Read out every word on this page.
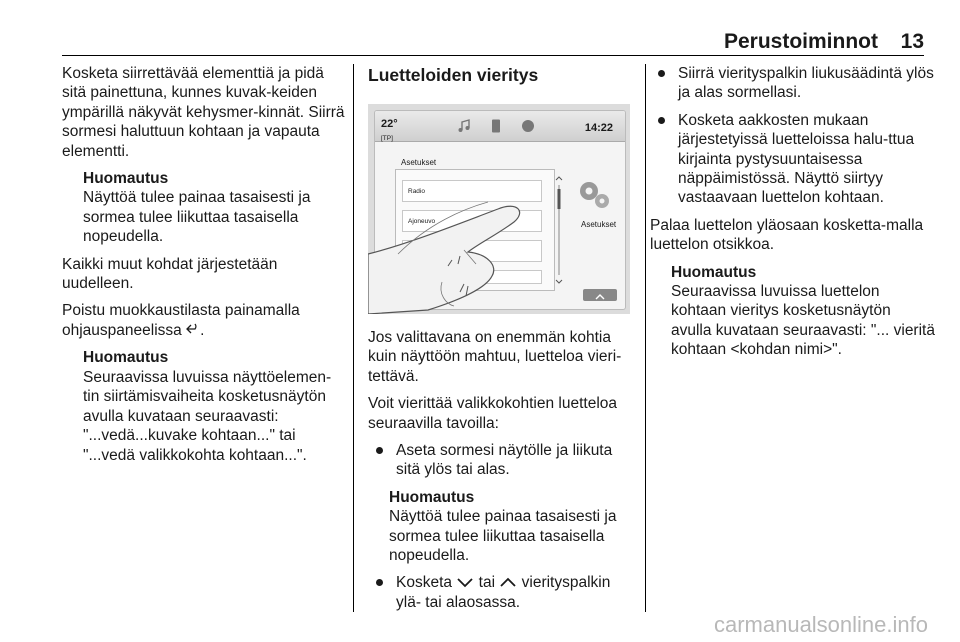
Perustoiminnot 13

Kosketa siirrettävää elementtiä ja pidä sitä painettuna, kunnes kuvak-keiden ympärillä näkyvät kehysmer-kinnät. Siirrä sormesi haluttuun kohtaan ja vapauta elementti.

Huomautus
Näyttöä tulee painaa tasaisesti ja sormea tulee liikuttaa tasaisella nopeudella.

Kaikki muut kohdat järjestetään uudelleen.

Poistu muokkaustilasta painamalla ohjauspaneelissa .

Huomautus
Seuraavissa luvuissa näyttöelemen-tin siirtämisvaiheita kosketusnäytön avulla kuvataan seuraavasti: "...vedä...kuvake kohtaan..." tai "...vedä valikkokohta kohtaan...".
Luetteloiden vieritys
22°
[TP]
14:22
Asetukset
Radio
Ajoneuvo	Asetukset

Jos valittavana on enemmän kohtia kuin näyttöön mahtuu, luetteloa vieri-tettävä.

Voit vierittää valikkokohtien luetteloa seuraavilla tavoilla:

Aseta sormesi näytölle ja liikuta sitä ylös tai alas.
Huomautus
Näyttöä tulee painaa tasaisesti ja sormea tulee liikuttaa tasaisella nopeudella.
Kosketa tai vierityspalkin ylä- tai alaosassa.
Siirrä vierityspalkin liukusäädintä ylös ja alas sormellasi.
Kosketa aakkosten mukaan järjestetyissä luetteloissa halu-ttua kirjainta pystysuuntaisessa näppäimistössä. Näyttö siirtyy vastaavaan luettelon kohtaan.

Palaa luettelon yläosaan kosketta-malla luettelon otsikkoa.

Huomautus
Seuraavissa luvuissa luettelon kohtaan vieritys kosketusnäytön avulla kuvataan seuraavasti: "... vieritä kohtaan <kohdan nimi>".
carmanualsonline.info
